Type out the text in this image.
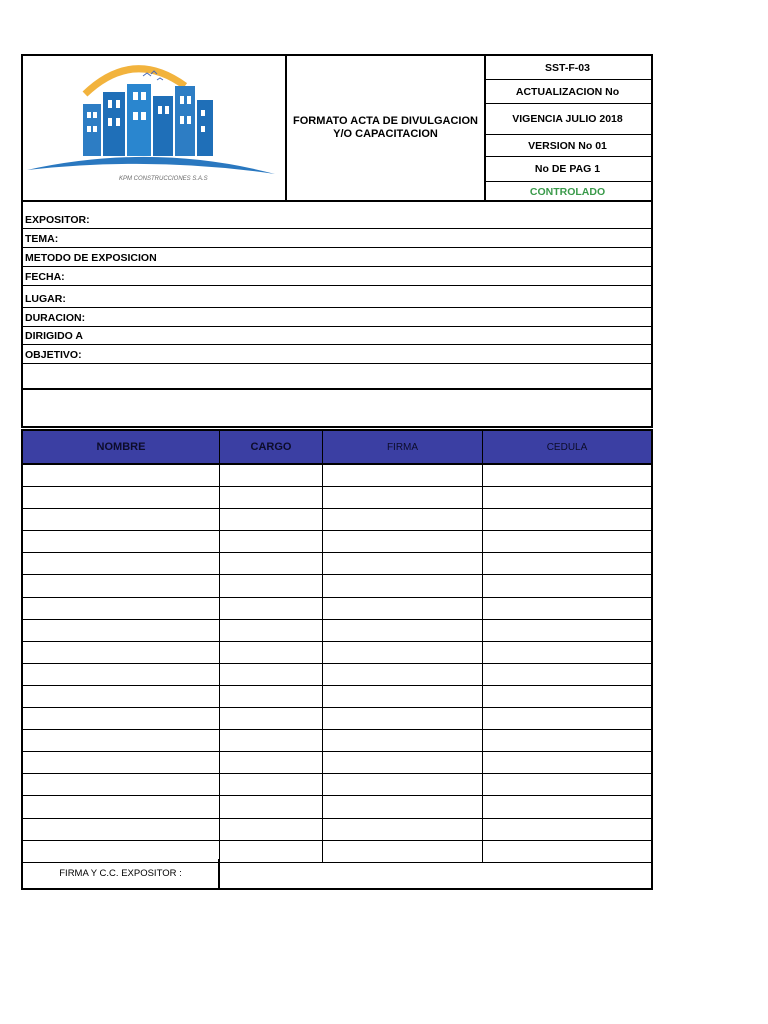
KPM CONSTRUCCIONES S.A.S
FORMATO ACTA DE DIVULGACION
Y/O CAPACITACION
SST-F-03
ACTUALIZACION No
VIGENCIA JULIO 2018
VERSION No 01
No DE PAG 1
CONTROLADO
EXPOSITOR:
TEMA:
METODO DE EXPOSICION
FECHA:
LUGAR:
DURACION:
DIRIGIDO A
OBJETIVO:
NOMBRE	CARGO	FIRMA	CEDULA
FIRMA Y C.C. EXPOSITOR :
